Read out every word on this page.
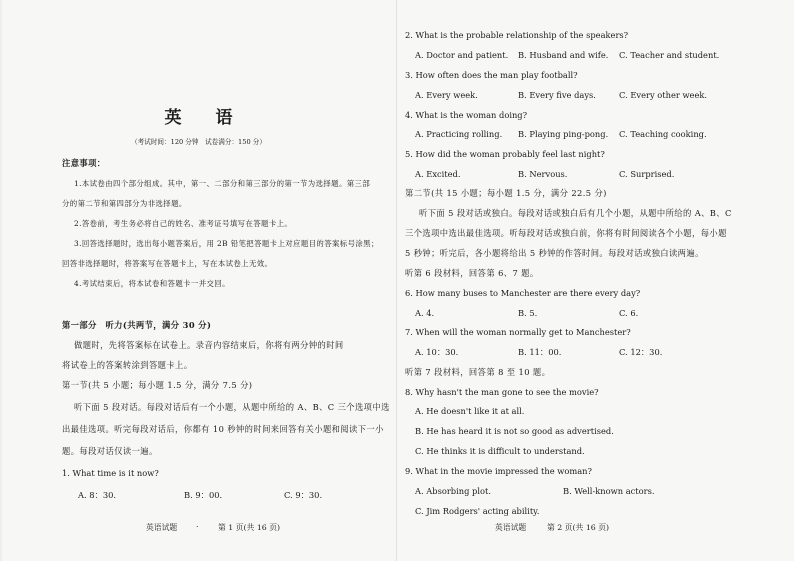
英 语
（考试时间：120 分钟　试卷满分：150 分）
注意事项：
1.本试卷由四个部分组成。其中，第一、二部分和第三部分的第一节为选择题。第三部
分的第二节和第四部分为非选择题。
2.答卷前，考生务必将自己的姓名、准考证号填写在答题卡上。
3.回答选择题时，选出每小题答案后，用 2B 铅笔把答题卡上对应题目的答案标号涂黑；
回答非选择题时，将答案写在答题卡上，写在本试卷上无效。
4.考试结束后，将本试卷和答题卡一并交回。
第一部分　听力(共两节，满分 30 分)
做题时，先将答案标在试卷上。录音内容结束后，你将有两分钟的时间
将试卷上的答案转涂到答题卡上。
第一节(共 5 小题；每小题 1.5 分，满分 7.5 分)
听下面 5 段对话。每段对话后有一个小题，从题中所给的 A、B、C 三个选项中选
出最佳选项。听完每段对话后，你都有 10 秒钟的时间来回答有关小题和阅读下一小
题。每段对话仅读一遍。
1. What time is it now?
A. 8：30.	B. 9：00.	C. 9：30.
英语试题 ·	第 1 页(共 16 页)
2. What is the probable relationship of the speakers?
A. Doctor and patient. B. Husband and wife. C. Teacher and student.
3. How often does the man play football?
A. Every week.	B. Every five days.	C. Every other week.
4. What is the woman doing?
A. Practicing rolling. B. Playing ping-pong. C. Teaching cooking.
5. How did the woman probably feel last night?
A. Excited.	B. Nervous.	C. Surprised.
第二节(共 15 小题；每小题 1.5 分，满分 22.5 分)
听下面 5 段对话或独白。每段对话或独白后有几个小题，从题中所给的 A、B、C
三个选项中选出最佳选项。听每段对话或独白前，你将有时间阅读各个小题，每小题
5 秒钟；听完后，各小题将给出 5 秒钟的作答时间。每段对话或独白读两遍。
听第 6 段材料，回答第 6、7 题。
6. How many buses to Manchester are there every day?
A. 4.	B. 5.	C. 6.
7. When will the woman normally get to Manchester?
A. 10：30.	B. 11：00.	C. 12：30.
听第 7 段材料，回答第 8 至 10 题。
8. Why hasn't the man gone to see the movie?
A. He doesn't like it at all.
B. He has heard it is not so good as advertised.
C. He thinks it is difficult to understand.
9. What in the movie impressed the woman?
A. Absorbing plot.	B. Well-known actors.
C. Jim Rodgers' acting ability.
英语试题	第 2 页(共 16 页)
